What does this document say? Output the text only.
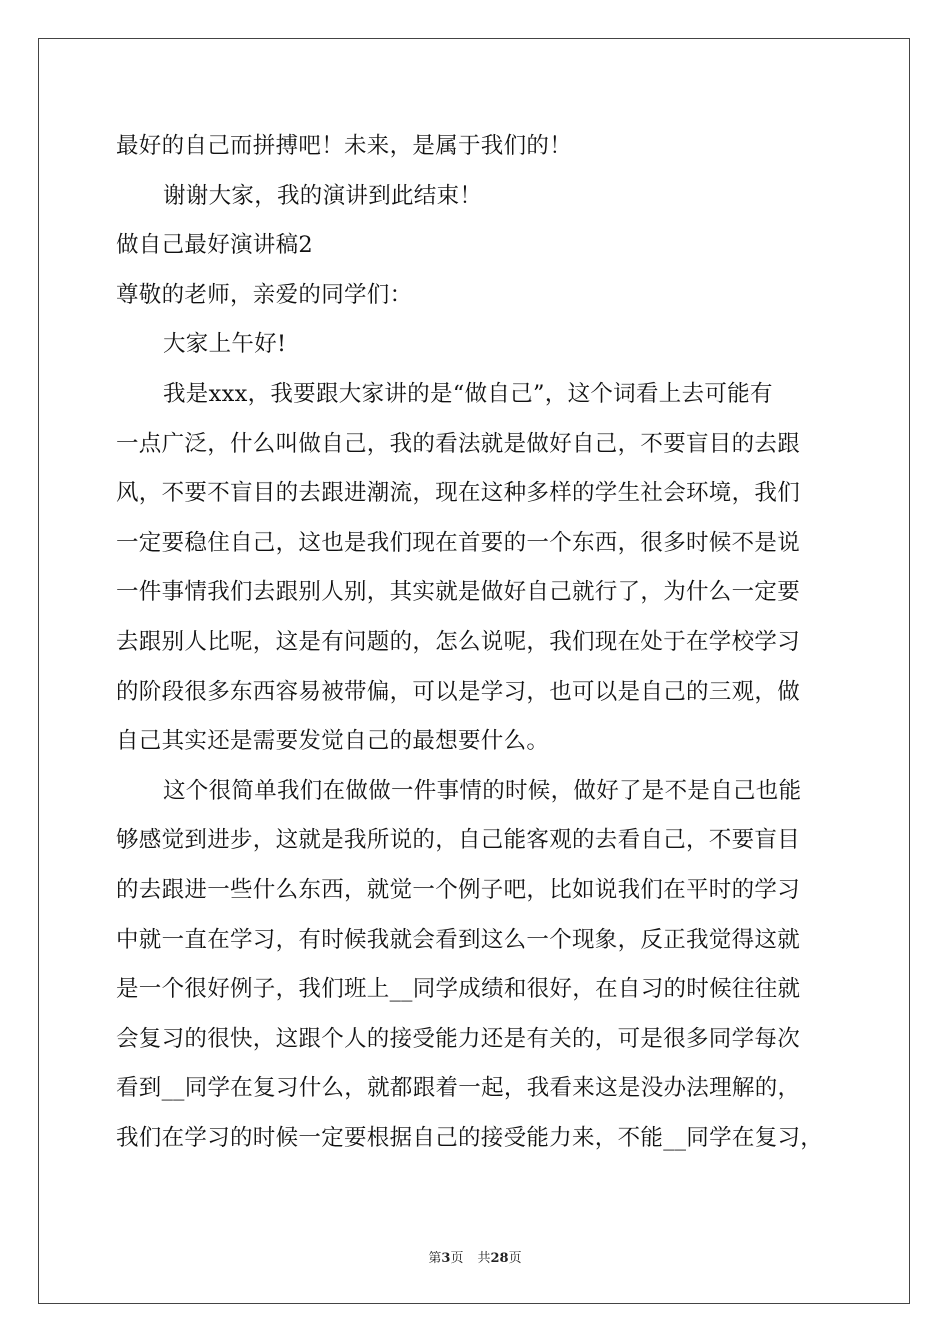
最好的自己而拼搏吧！未来，是属于我们的！
谢谢大家，我的演讲到此结束！
做自己最好演讲稿2
尊敬的老师，亲爱的同学们：
大家上午好!
我是xxx，我要跟大家讲的是“做自己”，这个词看上去可能有
一点广泛，什么叫做自己，我的看法就是做好自己，不要盲目的去跟
风，不要不盲目的去跟进潮流，现在这种多样的学生社会环境，我们
一定要稳住自己，这也是我们现在首要的一个东西，很多时候不是说
一件事情我们去跟别人别，其实就是做好自己就行了，为什么一定要
去跟别人比呢，这是有问题的，怎么说呢，我们现在处于在学校学习
的阶段很多东西容易被带偏，可以是学习，也可以是自己的三观，做
自己其实还是需要发觉自己的最想要什么。
这个很简单我们在做做一件事情的时候，做好了是不是自己也能
够感觉到进步，这就是我所说的，自己能客观的去看自己，不要盲目
的去跟进一些什么东西，就觉一个例子吧，比如说我们在平时的学习
中就一直在学习，有时候我就会看到这么一个现象，反正我觉得这就
是一个很好例子，我们班上__同学成绩和很好，在自习的时候往往就
会复习的很快，这跟个人的接受能力还是有关的，可是很多同学每次
看到__同学在复习什么，就都跟着一起，我看来这是没办法理解的，
我们在学习的时候一定要根据自己的接受能力来，不能__同学在复习，
第3页 共28页
